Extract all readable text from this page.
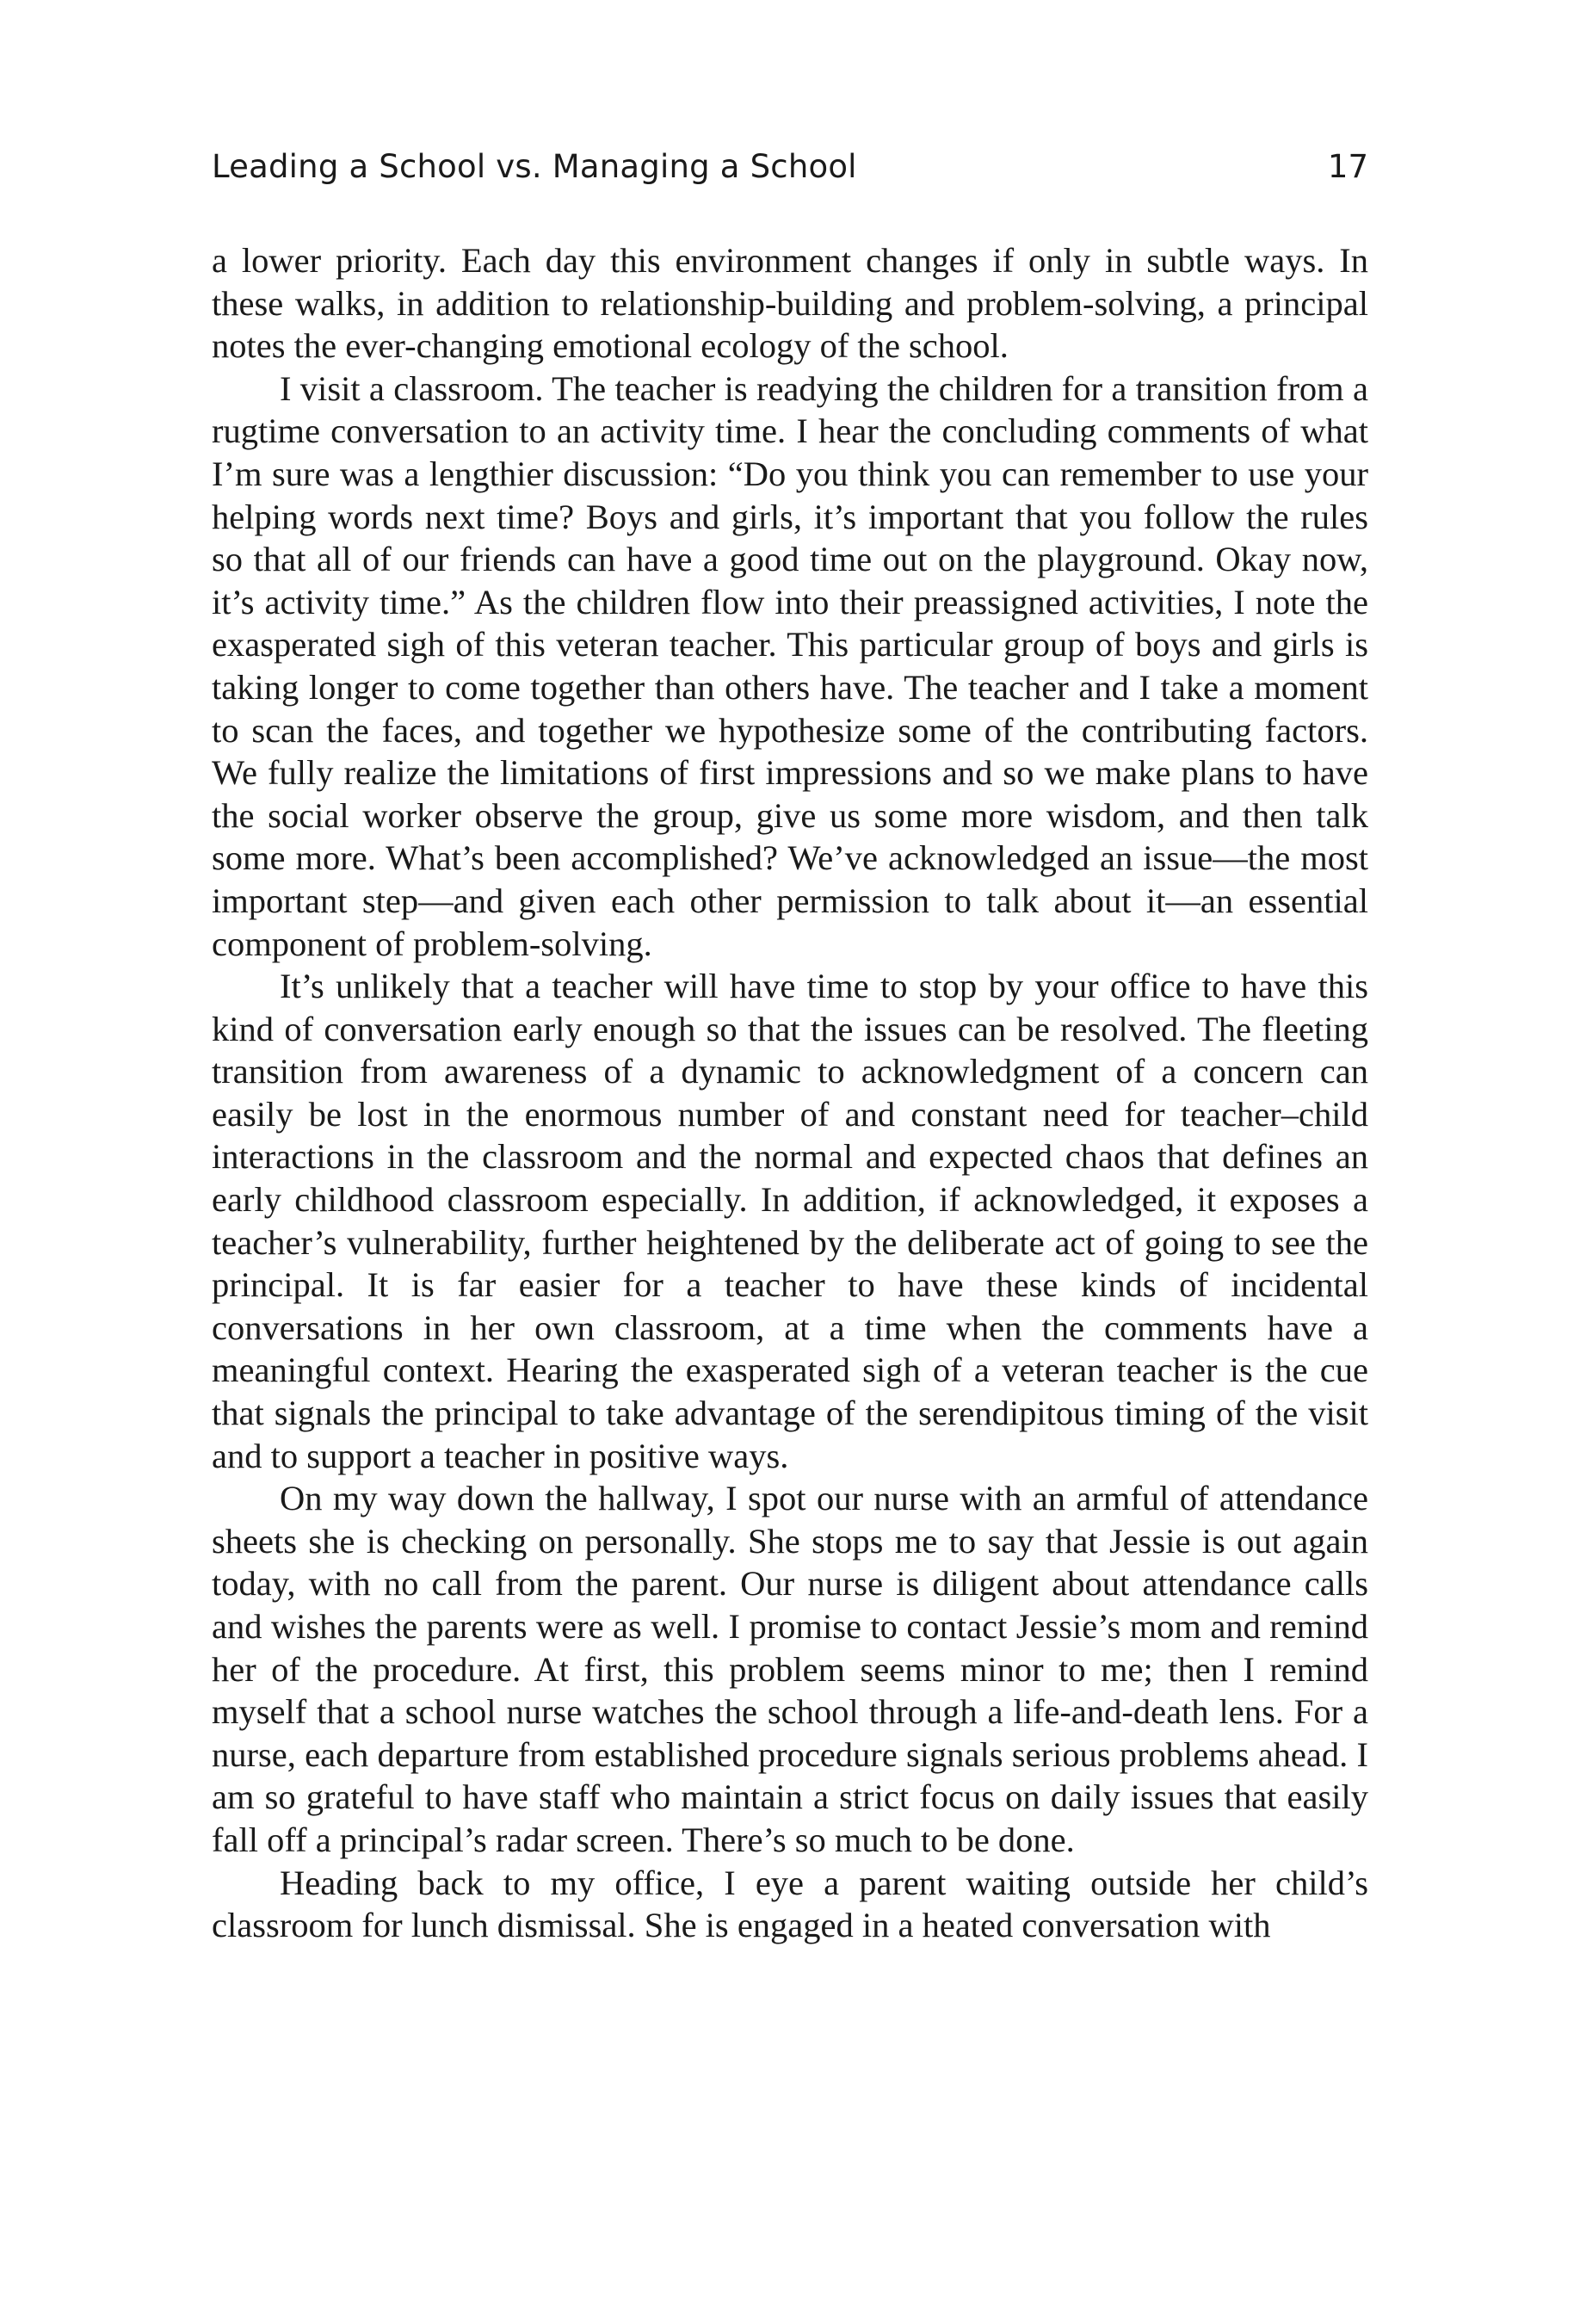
Leading a School vs. Managing a School	17

a lower priority. Each day this environment changes if only in subtle ways. In these walks, in addition to relationship-building and problem-solving, a principal notes the ever-changing emotional ecology of the school.

I visit a classroom. The teacher is readying the children for a transition from a rugtime conversation to an activity time. I hear the concluding comments of what I’m sure was a lengthier discussion: “Do you think you can remember to use your helping words next time? Boys and girls, it’s important that you follow the rules so that all of our friends can have a good time out on the playground. Okay now, it’s activity time.” As the children flow into their preassigned activities, I note the exasperated sigh of this veteran teacher. This particular group of boys and girls is taking longer to come together than others have. The teacher and I take a moment to scan the faces, and together we hypothesize some of the contributing factors. We fully realize the limitations of first impressions and so we make plans to have the social worker observe the group, give us some more wisdom, and then talk some more. What’s been accomplished? We’ve acknowledged an issue—the most important step—and given each other permission to talk about it—an essential component of problem-solving.

It’s unlikely that a teacher will have time to stop by your office to have this kind of conversation early enough so that the issues can be resolved. The fleeting transition from awareness of a dynamic to acknowledgment of a concern can easily be lost in the enormous number of and constant need for teacher–child interactions in the classroom and the normal and expected chaos that defines an early childhood classroom especially. In addition, if acknowledged, it exposes a teacher’s vulnerability, further heightened by the deliberate act of going to see the principal. It is far easier for a teacher to have these kinds of incidental conversations in her own classroom, at a time when the comments have a meaningful context. Hearing the exasperated sigh of a veteran teacher is the cue that signals the principal to take advantage of the serendipitous timing of the visit and to support a teacher in positive ways.

On my way down the hallway, I spot our nurse with an armful of attendance sheets she is checking on personally. She stops me to say that Jessie is out again today, with no call from the parent. Our nurse is diligent about attendance calls and wishes the parents were as well. I promise to contact Jessie’s mom and remind her of the procedure. At first, this problem seems minor to me; then I remind myself that a school nurse watches the school through a life-and-death lens. For a nurse, each departure from established procedure signals serious problems ahead. I am so grateful to have staff who maintain a strict focus on daily issues that easily fall off a principal’s radar screen. There’s so much to be done.

Heading back to my office, I eye a parent waiting outside her child’s classroom for lunch dismissal. She is engaged in a heated conversation with
